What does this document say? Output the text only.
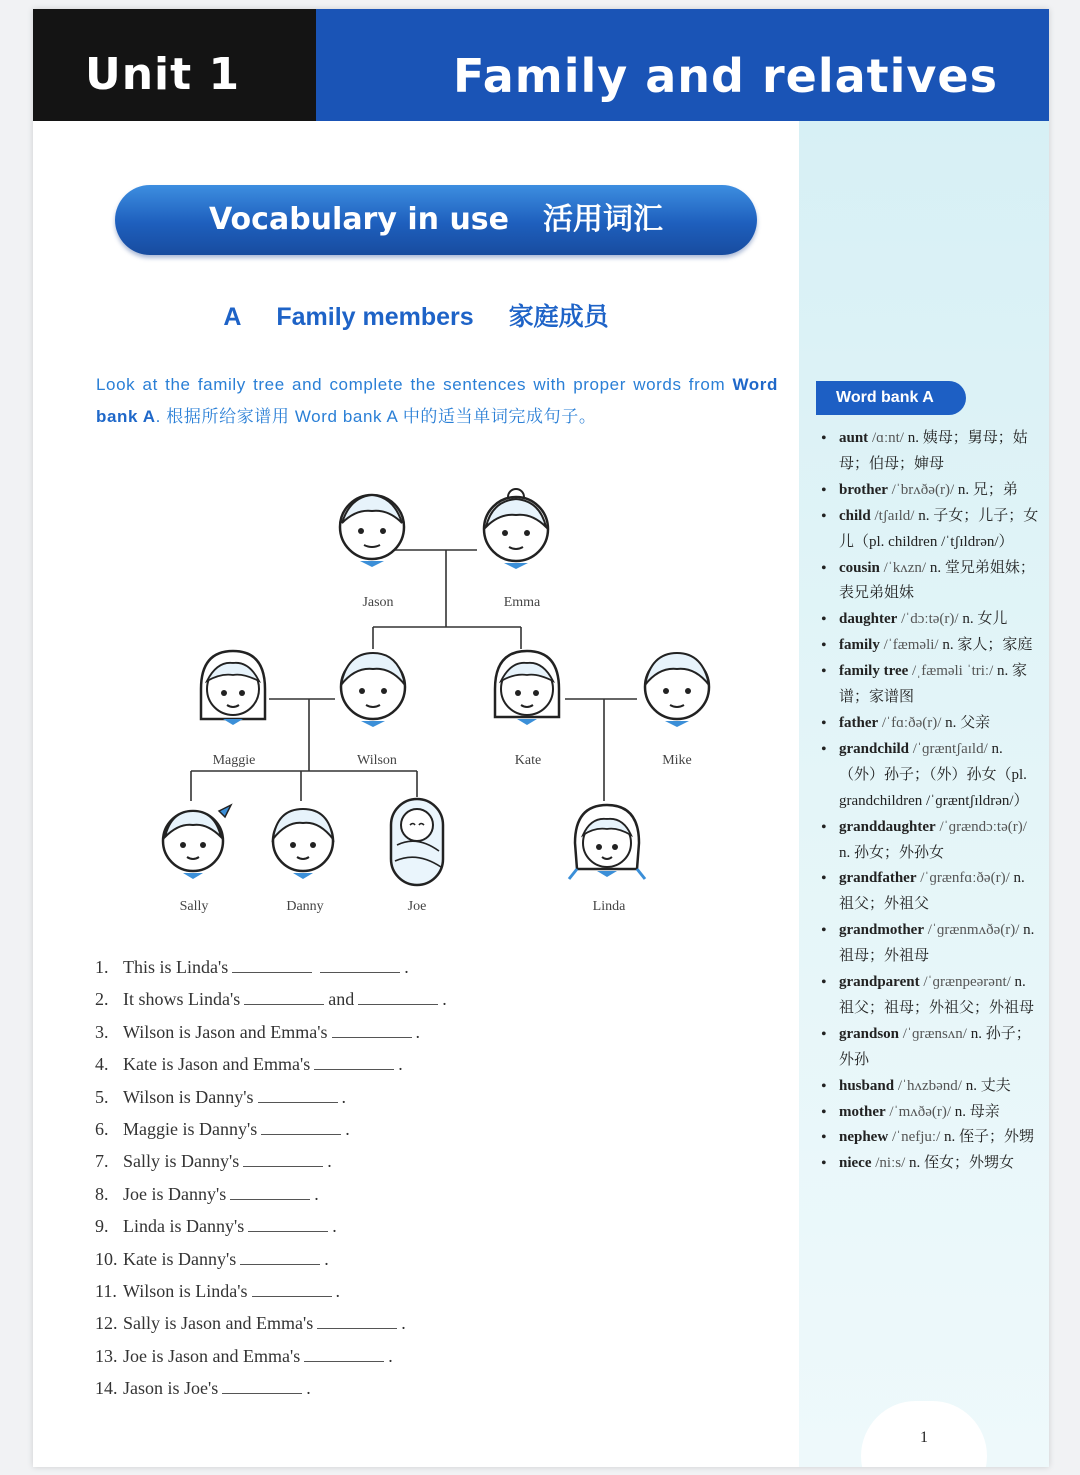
Unit 1	Family and relatives
Vocabulary in use 活用词汇
A Family members 家庭成员
Look at the family tree and complete the sentences with proper words from Word bank A. 根据所给家谱用 Word bank A 中的适当单词完成句子。
Jason	Emma
Maggie	Wilson	Kate	Mike
Sally	Danny	Joe	Linda
1. This is Linda's	.
2. It shows Linda's	and	.
3. Wilson is Jason and Emma's	.
4. Kate is Jason and Emma's	.
5. Wilson is Danny's	.
6. Maggie is Danny's	.
7. Sally is Danny's	.
8. Joe is Danny's	.
9. Linda is Danny's	.
10. Kate is Danny's	.
11. Wilson is Linda's	.
12. Sally is Jason and Emma's	.
13. Joe is Jason and Emma's	.
14. Jason is Joe's	.
Word bank A
• aunt /ɑːnt/ n. 姨母；舅母；姑母；伯母；婶母
• brother /ˈbrʌðə(r)/ n. 兄；弟
• child /tʃaɪld/ n. 子女；儿子；女儿（pl. children /ˈtʃɪldrən/）
• cousin /ˈkʌzn/ n. 堂兄弟姐妹；表兄弟姐妹
• daughter /ˈdɔːtə(r)/ n. 女儿
• family /ˈfæməli/ n. 家人；家庭
• family tree /ˌfæməli ˈtriː/ n. 家谱；家谱图
• father /ˈfɑːðə(r)/ n. 父亲
• grandchild /ˈɡræntʃaɪld/ n. （外）孙子；（外）孙女（pl. grandchildren /ˈɡræntʃɪldrən/）
• granddaughter /ˈɡrændɔːtə(r)/ n. 孙女；外孙女
• grandfather /ˈɡrænfɑːðə(r)/ n. 祖父；外祖父
• grandmother /ˈɡrænmʌðə(r)/ n. 祖母；外祖母
• grandparent /ˈɡrænpeərənt/ n. 祖父；祖母；外祖父；外祖母
• grandson /ˈɡrænsʌn/ n. 孙子；外孙
• husband /ˈhʌzbənd/ n. 丈夫
• mother /ˈmʌðə(r)/ n. 母亲
• nephew /ˈnefjuː/ n. 侄子；外甥
• niece /niːs/ n. 侄女；外甥女
1
